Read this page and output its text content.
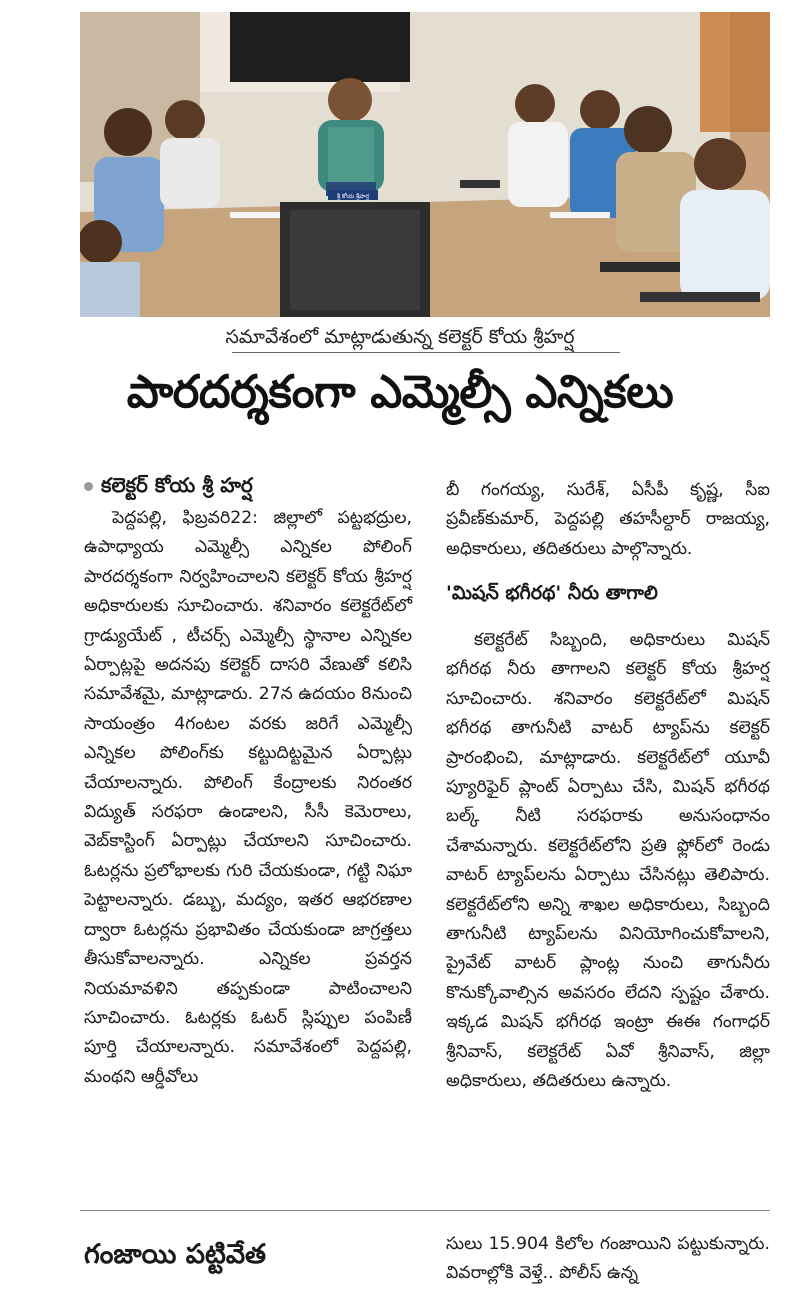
శ్రీ కోయ శ్రీహర్ష
సమావేశంలో మాట్లాడుతున్న కలెక్టర్ కోయ శ్రీహర్ష
పారదర్శకంగా ఎమ్మెల్సీ ఎన్నికలు
కలెక్టర్ కోయ శ్రీ హర్ష

పెద్దపల్లి, ఫిబ్రవరి22: జిల్లాలో పట్టభద్రుల, ఉపాధ్యాయ ఎమ్మెల్సీ ఎన్నికల పోలింగ్ పారదర్శకంగా నిర్వహించాలని కలెక్టర్ కోయ శ్రీహర్ష అధికారులకు సూచించారు. శనివారం కలెక్టరేట్‌లో గ్రాడ్యుయేట్ , టీచర్స్ ఎమ్మెల్సీ స్థానాల ఎన్నికల ఏర్పాట్లపై అదనపు కలెక్టర్ దాసరి వేణుతో కలిసి సమావేశమై, మాట్లాడారు. 27న ఉదయం 8నుంచి సాయంత్రం 4గంటల వరకు జరిగే ఎమ్మెల్సీ ఎన్నికల పోలింగ్‌కు కట్టుదిట్టమైన ఏర్పాట్లు చేయాలన్నారు. పోలింగ్ కేంద్రాలకు నిరంతర విద్యుత్ సరఫరా ఉండాలని, సీసీ కెమెరాలు, వెబ్‌కాస్టింగ్ ఏర్పాట్లు చేయాలని సూచించారు. ఓటర్లను ప్రలోభాలకు గురి చేయకుండా, గట్టి నిఘా పెట్టాలన్నారు. డబ్బు, మద్యం, ఇతర ఆభరణాల ద్వారా ఓటర్లను ప్రభావితం చేయకుండా జాగ్రత్తలు తీసుకోవాలన్నారు. ఎన్నికల ప్రవర్తన నియమావళిని తప్పకుండా పాటించాలని సూచించారు. ఓటర్లకు ఓటర్ స్లిప్పుల పంపిణీ పూర్తి చేయాలన్నారు. సమావేశంలో పెద్దపల్లి, మంథని ఆర్డీవోలు

బీ గంగయ్య, సురేశ్, ఏసీపీ కృష్ణ, సీఐ ప్రవీణ్‌కుమార్, పెద్దపల్లి తహసీల్దార్ రాజయ్య, అధికారులు, తదితరులు పాల్గొన్నారు.

'మిషన్ భగీరథ' నీరు తాగాలి

కలెక్టరేట్ సిబ్బంది, అధికారులు మిషన్ భగీరథ నీరు తాగాలని కలెక్టర్ కోయ శ్రీహర్ష సూచించారు. శనివారం కలెక్టరేట్‌లో మిషన్ భగీరథ తాగునీటి వాటర్ ట్యాప్‌ను కలెక్టర్ ప్రారంభించి, మాట్లాడారు. కలెక్టరేట్‌లో యూవీ ప్యూరిఫైర్ ప్లాంట్ ఏర్పాటు చేసి, మిషన్ భగీరథ బల్క్ నీటి సరఫరాకు అనుసంధానం చేశామన్నారు. కలెక్టరేట్‌లోని ప్రతి ఫ్లోర్‌లో రెండు వాటర్ ట్యాప్‌లను ఏర్పాటు చేసినట్లు తెలిపారు. కలెక్టరేట్‌లోని అన్ని శాఖల అధికారులు, సిబ్బంది తాగునీటి ట్యాప్‌లను వినియోగించుకోవాలని, ప్రైవేట్ వాటర్ ప్లాంట్ల నుంచి తాగునీరు కొనుక్కోవాల్సిన అవసరం లేదని స్పష్టం చేశారు. ఇక్కడ మిషన్ భగీరథ ఇంట్రా ఈఈ గంగాధర్ శ్రీనివాస్, కలెక్టరేట్ ఏవో శ్రీనివాస్, జిల్లా అధికారులు, తదితరులు ఉన్నారు.

గంజాయి పట్టివేత	సులు 15.904 కిలోల గంజాయిని పట్టుకున్నారు. వివరాల్లోకి వెళ్తే.. పోలీస్ ఉన్న
